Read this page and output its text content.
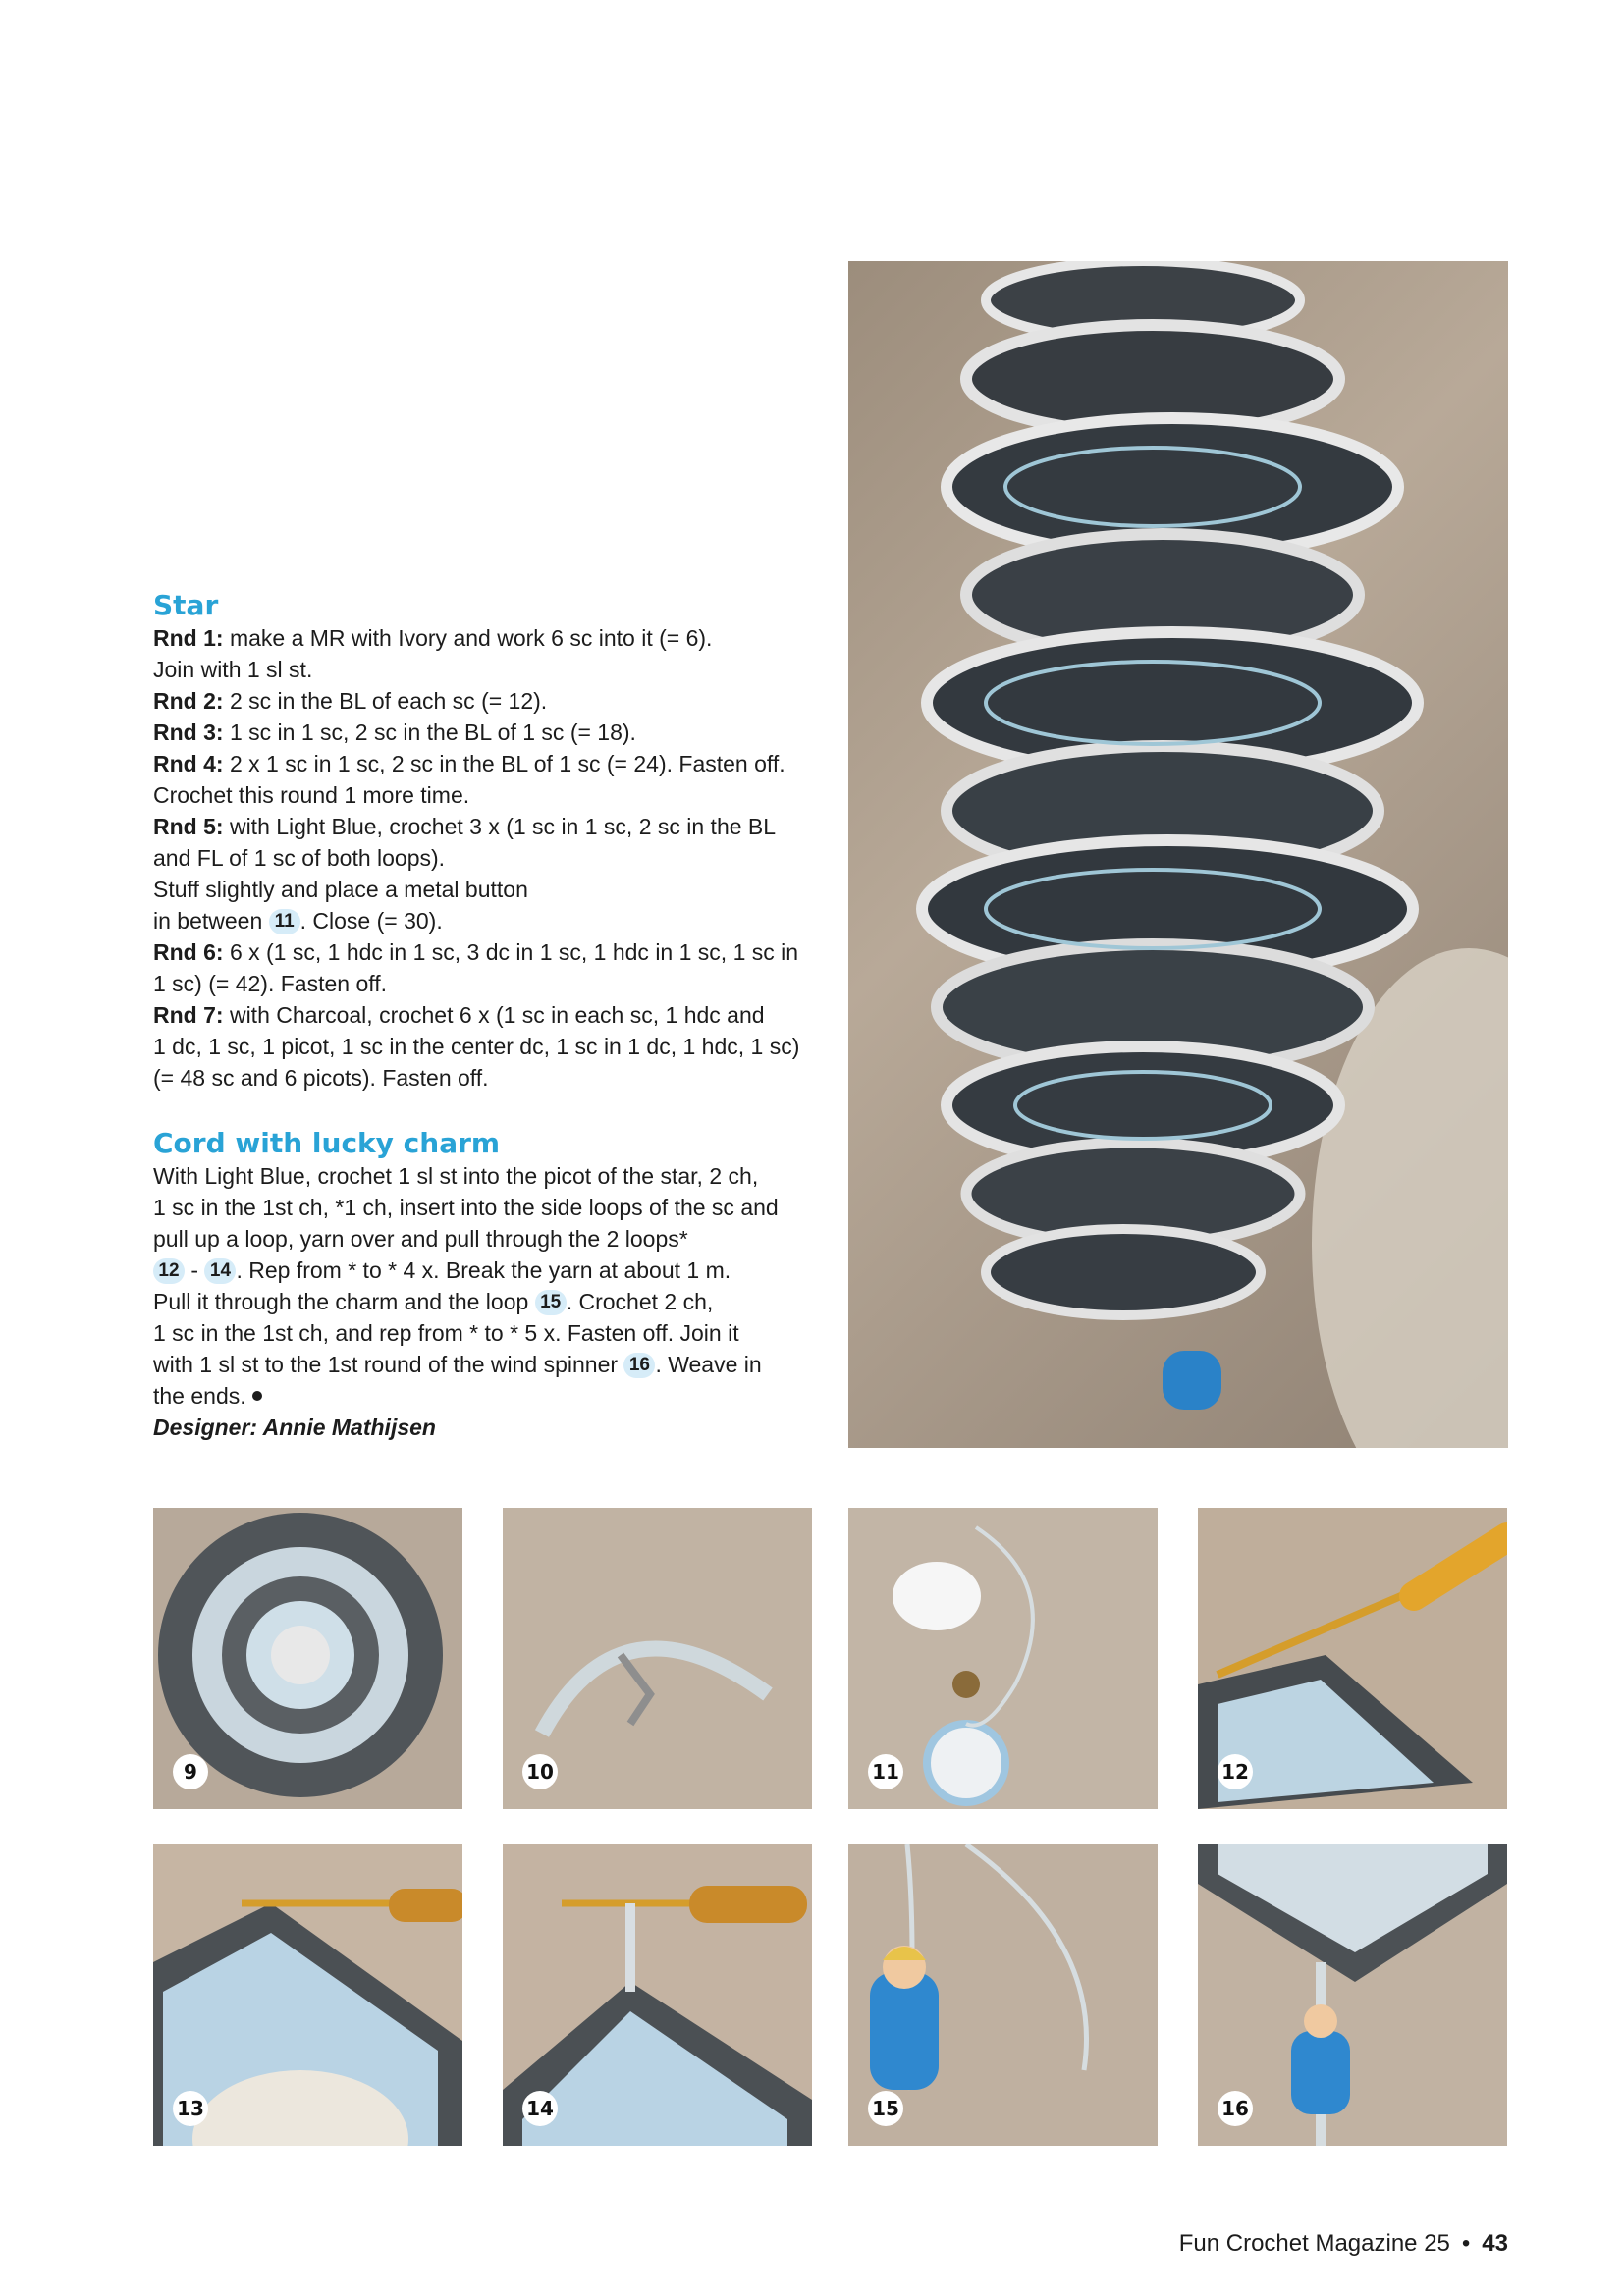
Star

Rnd 1: make a MR with Ivory and work 6 sc into it (= 6).

Join with 1 sl st.

Rnd 2: 2 sc in the BL of each sc (= 12).

Rnd 3: 1 sc in 1 sc, 2 sc in the BL of 1 sc (= 18).

Rnd 4: 2 x 1 sc in 1 sc, 2 sc in the BL of 1 sc (= 24). Fasten off.

Crochet this round 1 more time.

Rnd 5: with Light Blue, crochet 3 x (1 sc in 1 sc, 2 sc in the BL

and FL of 1 sc of both loops).

Stuff slightly and place a metal button

in between 11 . Close (= 30).

Rnd 6: 6 x (1 sc, 1 hdc in 1 sc, 3 dc in 1 sc, 1 hdc in 1 sc, 1 sc in

1 sc) (= 42). Fasten off.

Rnd 7: with Charcoal, crochet 6 x (1 sc in each sc, 1 hdc and

1 dc, 1 sc, 1 picot, 1 sc in the center dc, 1 sc in 1 dc, 1 hdc, 1 sc)

(= 48 sc and 6 picots). Fasten off.

Cord with lucky charm

With Light Blue, crochet 1 sl st into the picot of the star, 2 ch,

1 sc in the 1st ch, *1 ch, insert into the side loops of the sc and

pull up a loop, yarn over and pull through the 2 loops*

12 - 14 . Rep from * to * 4 x. Break the yarn at about 1 m.

Pull it through the charm and the loop 15 . Crochet 2 ch,

1 sc in the 1st ch, and rep from * to * 5 x. Fasten off. Join it

with 1 sl st to the 1st round of the wind spinner 16 . Weave in

the ends.

Designer: Annie Mathijsen

9	10	11	12
13	14	15	16
Fun Crochet Magazine 25 • 43
